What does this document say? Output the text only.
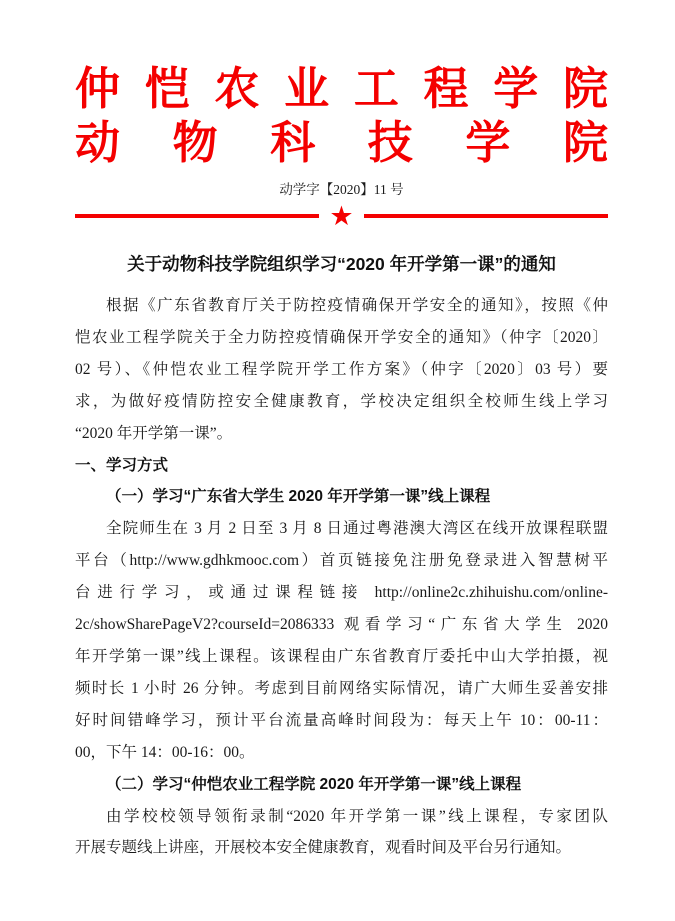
仲恺农业工程学院
动物科技学院
动学字【2020】11 号
★
关于动物科技学院组织学习“2020 年开学第一课”的通知

根据《广东省教育厅关于防控疫情确保开学安全的通知》，按照《仲

恺农业工程学院关于全力防控疫情确保开学安全的通知》（仲字〔2020〕

02 号）、《仲恺农业工程学院开学工作方案》（仲字〔2020〕03 号）要

求，为做好疫情防控安全健康教育，学校决定组织全校师生线上学习

“2020 年开学第一课”。

一、学习方式

（一）学习“广东省大学生 2020 年开学第一课”线上课程

全院师生在 3 月 2 日至 3 月 8 日通过粤港澳大湾区在线开放课程联盟

平台（http://www.gdhkmooc.com）首页链接免注册免登录进入智慧树平

台进行学习，或通过课程链接 http://online2c.zhihuishu.com/online-

2c/showSharePageV2?courseId=2086333 观看学习“广东省大学生 2020

年开学第一课”线上课程。该课程由广东省教育厅委托中山大学拍摄，视

频时长 1 小时 26 分钟。考虑到目前网络实际情况，请广大师生妥善安排

好时间错峰学习，预计平台流量高峰时间段为：每天上午 10：00-11：

00，下午 14：00-16：00。

（二）学习“仲恺农业工程学院 2020 年开学第一课”线上课程

由学校校领导领衔录制“2020 年开学第一课”线上课程，专家团队

开展专题线上讲座，开展校本安全健康教育，观看时间及平台另行通知。
